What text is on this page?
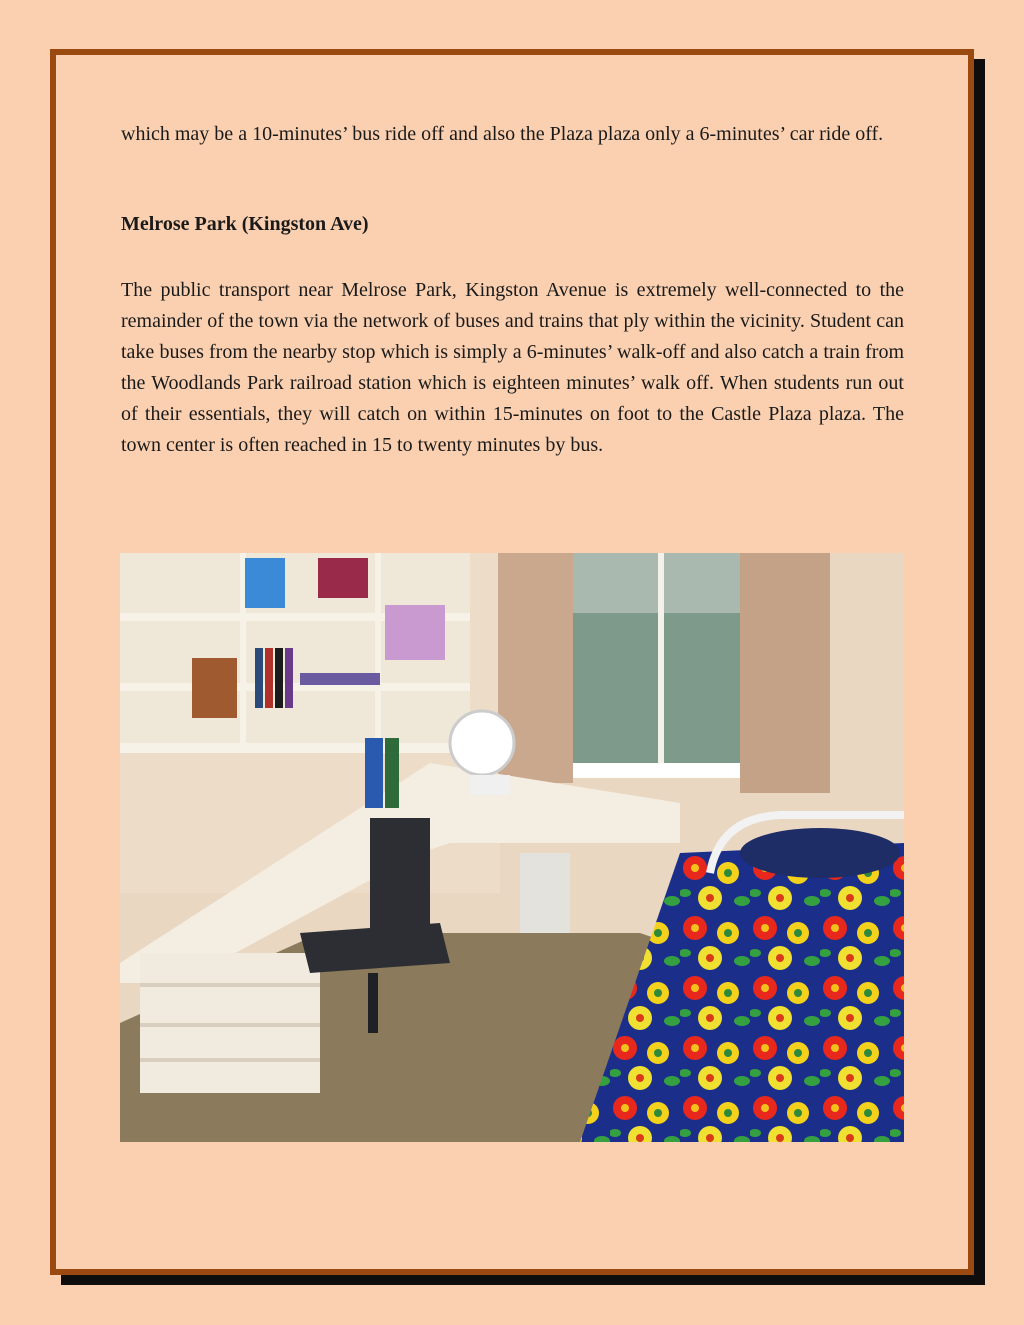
which may be a 10-minutes’ bus ride off and also the Plaza plaza only a 6-minutes’ car ride off.

Melrose Park (Kingston Ave)

The public transport near Melrose Park, Kingston Avenue is extremely well-connected to the remainder of the town via the network of buses and trains that ply within the vicinity. Student can take buses from the nearby stop which is simply a 6-minutes’ walk-off and also catch a train from the Woodlands Park railroad station which is eighteen minutes’ walk off. When students run out of their essentials, they will catch on within 15-minutes on foot to the Castle Plaza plaza. The town center is often reached in 15 to twenty minutes by bus.
